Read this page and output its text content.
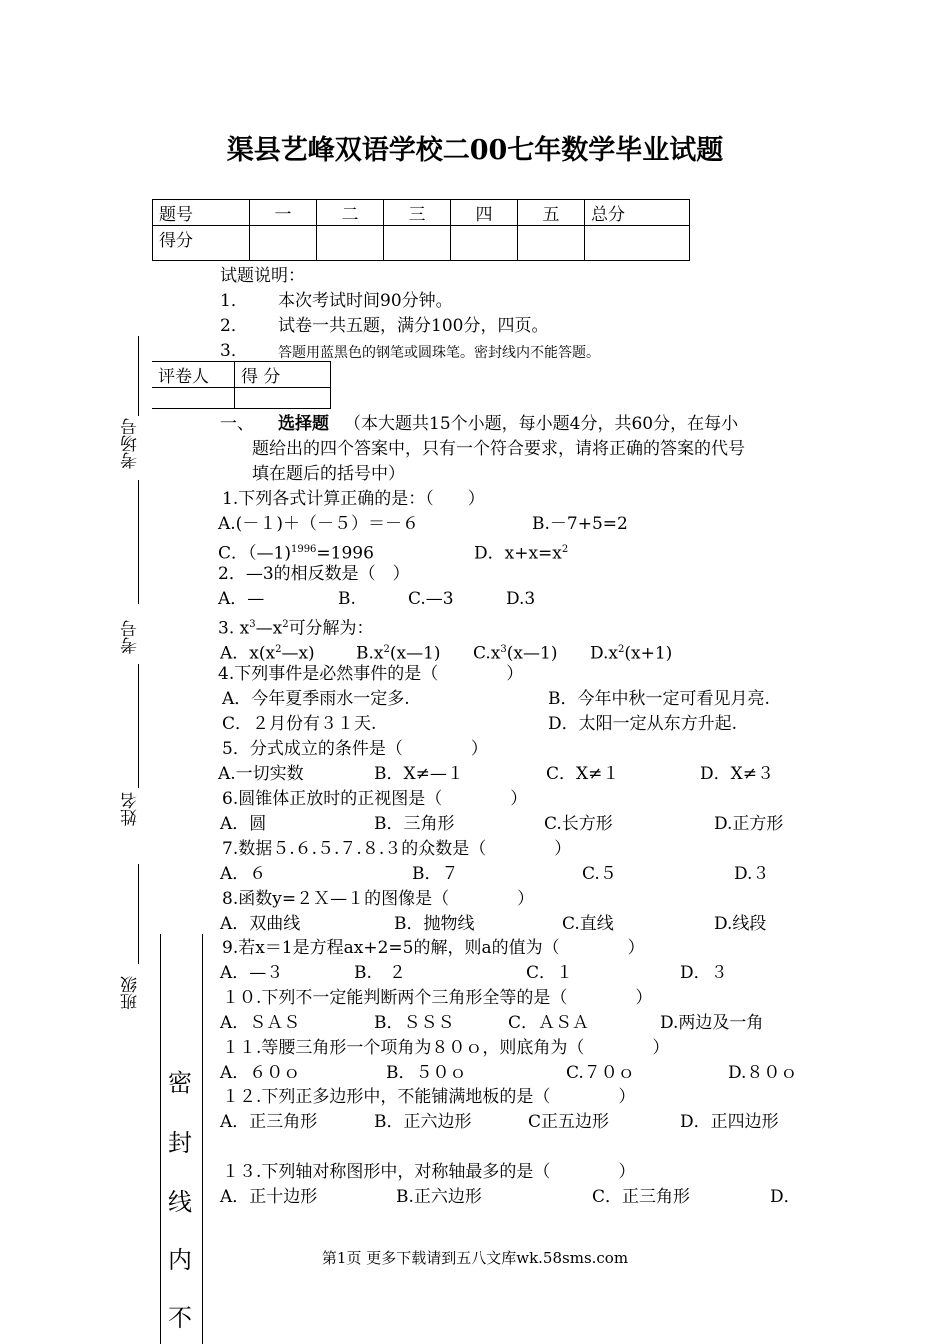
渠县艺峰双语学校二00七年数学毕业试题
题号	一	二	三	四	五	总分
得分						
试题说明：
1． 本次考试时间90分钟。
2． 试卷一共五题，满分100分，四页。
3． 答题用蓝黑色的钢笔或圆珠笔。密封线内不能答题。
评卷人	得 分

考场号
考号
姓名
班级
密
封
线
内
不
一、 选择题 （本大题共15个小题，每小题4分，共60分，在每小
题给出的四个答案中，只有一个符合要求，请将正确的答案的代号
填在题后的括号中）
1.下列各式计算正确的是：（　　）
A.(－１)＋（－５）＝－６	B.－7+5=2
C．（—1)$^{1996}$=1996	D．$x+x=x^2$
2．—3的相反数是（　）
A．—	B.	C.—3	D.3
3. $x^3—x^2$可分解为：
A．$x(x^2—x)$ $B.x^2(x—1)$ $C.x^3(x—1)$ $D.x^2(x+1)$
4.下列事件是必然事件的是（　　　　）
A．今年夏季雨水一定多.	B．今年中秋一定可看见月亮.
C．２月份有３１天.	D．太阳一定从东方升起.
5．分式成立的条件是（　　　　）
A.一切实数	B．X≠—１	C．X≠１	D．X≠３
6.圆锥体正放时的正视图是（　　　　）
A．圆	B．三角形	C.长方形	D.正方形
7.数据５.６.５.７.８.３的众数是（　　　　）
A．６	B．７	C.５	D.３
8.函数y=２Ｘ—１的图像是（　　　　）
A．双曲线	B．抛物线	C.直线	D.线段
9.若x＝1是方程ax+2=5的解，则a的值为（　　　　）
A．—３	B.　２	C．１	D．３
１０.下列不一定能判断两个三角形全等的是（　　　　）
A．ＳＡＳ	B．ＳＳＳ	C．ＡＳＡ	D.两边及一角
１１.等腰三角形一个项角为８０ｏ，则底角为（　　　　）
A．６０ｏ	B．５０ｏ	C.７０ｏ	D.８０ｏ
１２.下列正多边形中，不能铺满地板的是（　　　　）
A．正三角形	B．正六边形	C正五边形	D．正四边形
１３.下列轴对称图形中，对称轴最多的是（　　　　）
A．正十边形	B.正六边形	C．正三角形	D．
第1页 更多下载请到五八文库wk.58sms.com
